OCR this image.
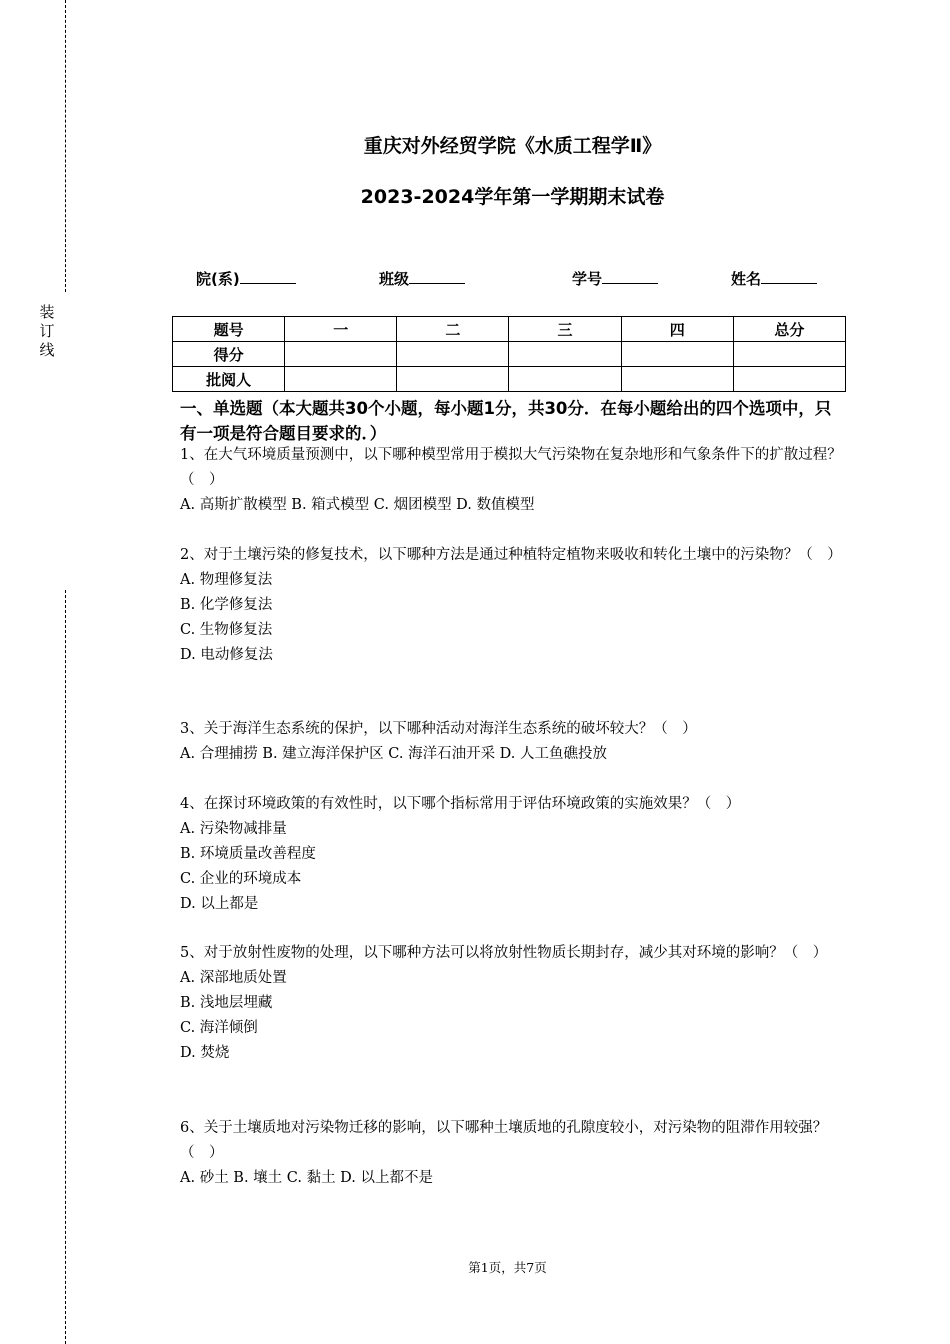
装订线
重庆对外经贸学院《水质工程学Ⅱ》
2023-2024学年第一学期期末试卷
院(系)	班级	学号	姓名
题号	一	二	三	四	总分
得分					
批阅人					
一、单选题（本大题共30个小题，每小题1分，共30分．在每小题给出的四个选项中，只有一项是符合题目要求的．）

1、在大气环境质量预测中，以下哪种模型常用于模拟大气污染物在复杂地形和气象条件下的扩散过程？（　）

A. 高斯扩散模型 B. 箱式模型 C. 烟团模型 D. 数值模型

2、对于土壤污染的修复技术，以下哪种方法是通过种植特定植物来吸收和转化土壤中的污染物？（　）

A. 物理修复法

B. 化学修复法

C. 生物修复法

D. 电动修复法

3、关于海洋生态系统的保护，以下哪种活动对海洋生态系统的破坏较大？（　）

A. 合理捕捞 B. 建立海洋保护区 C. 海洋石油开采 D. 人工鱼礁投放

4、在探讨环境政策的有效性时，以下哪个指标常用于评估环境政策的实施效果？（　）

A. 污染物减排量

B. 环境质量改善程度

C. 企业的环境成本

D. 以上都是

5、对于放射性废物的处理，以下哪种方法可以将放射性物质长期封存，减少其对环境的影响？（　）

A. 深部地质处置

B. 浅地层埋藏

C. 海洋倾倒

D. 焚烧

6、关于土壤质地对污染物迁移的影响，以下哪种土壤质地的孔隙度较小，对污染物的阻滞作用较强？（　）

A. 砂土 B. 壤土 C. 黏土 D. 以上都不是

第1页，共7页
